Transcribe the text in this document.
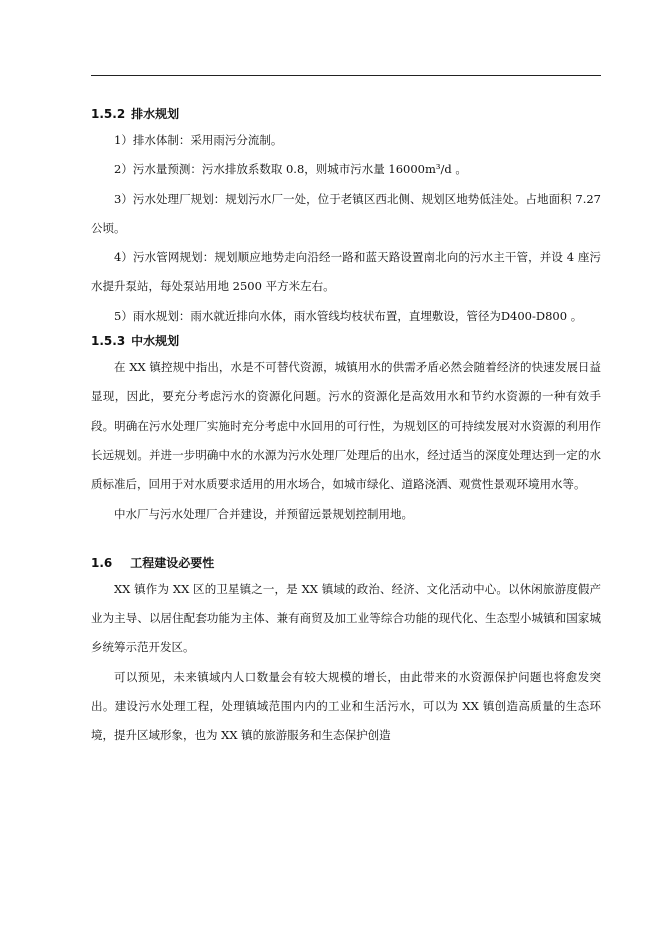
1.5.2 排水规划

1）排水体制：采用雨污分流制。

2）污水量预测：污水排放系数取 0.8，则城市污水量 16000m³/d 。

3）污水处理厂规划：规划污水厂一处，位于老镇区西北侧、规划区地势低洼处。占地面积 7.27 公顷。

4）污水管网规划：规划顺应地势走向沿经一路和蓝天路设置南北向的污水主干管，并设 4 座污水提升泵站，每处泵站用地 2500 平方米左右。

5）雨水规划：雨水就近排向水体，雨水管线均枝状布置，直埋敷设，管径为D400-D800 。

1.5.3 中水规划

在 XX 镇控规中指出，水是不可替代资源，城镇用水的供需矛盾必然会随着经济的快速发展日益显现，因此，要充分考虑污水的资源化问题。污水的资源化是高效用水和节约水资源的一种有效手段。明确在污水处理厂实施时充分考虑中水回用的可行性，为规划区的可持续发展对水资源的利用作长远规划。并进一步明确中水的水源为污水处理厂处理后的出水，经过适当的深度处理达到一定的水质标准后，回用于对水质要求适用的用水场合，如城市绿化、道路浇洒、观赏性景观环境用水等。

中水厂与污水处理厂合并建设，并预留远景规划控制用地。

1.6 工程建设必要性

XX 镇作为 XX 区的卫星镇之一，是 XX 镇域的政治、经济、文化活动中心。以休闲旅游度假产业为主导、以居住配套功能为主体、兼有商贸及加工业等综合功能的现代化、生态型小城镇和国家城乡统筹示范开发区。

可以预见，未来镇域内人口数量会有较大规模的增长，由此带来的水资源保护问题也将愈发突出。建设污水处理工程，处理镇域范围内内的工业和生活污水，可以为 XX 镇创造高质量的生态环境，提升区域形象，也为 XX 镇的旅游服务和生态保护创造
